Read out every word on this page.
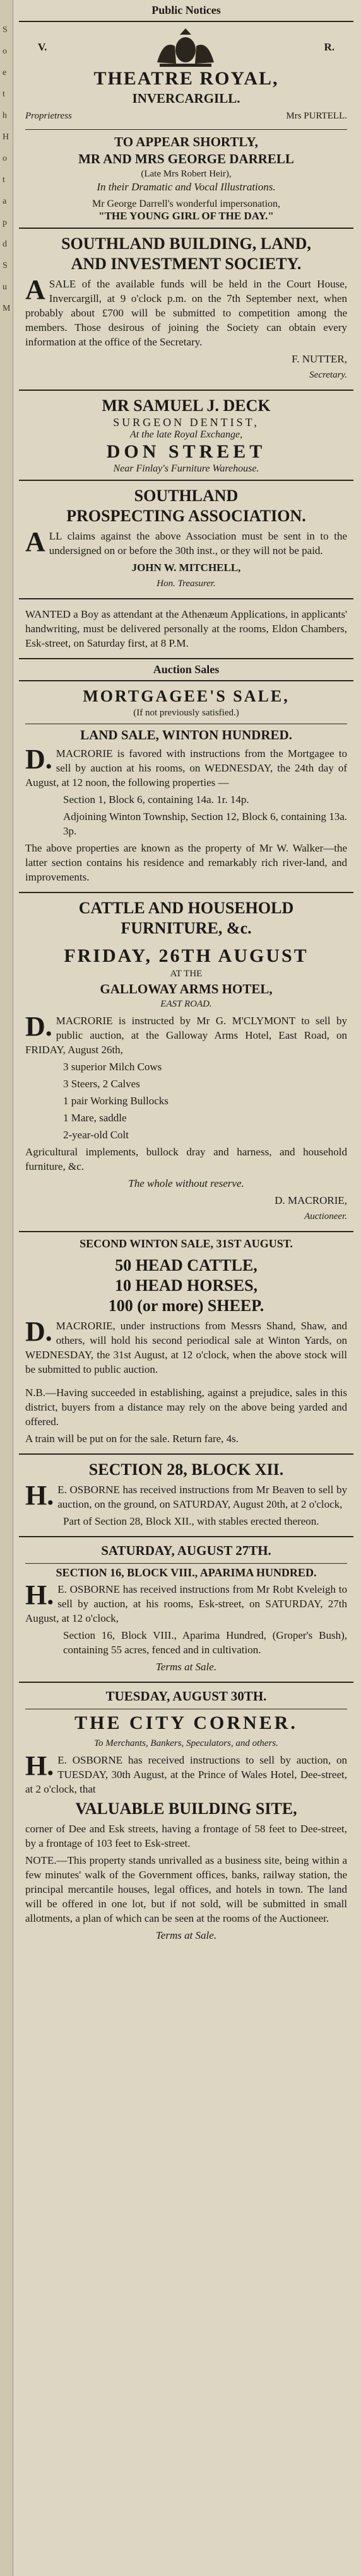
S
o
e
t
h
H
o
t
a
p
d
S
u
M
Public Notices
V.	R.
THEATRE ROYAL,
INVERCARGILL.

Proprietress	Mrs PURTELL.

TO APPEAR SHORTLY,
MR AND MRS GEORGE DARRELL
(Late Mrs Robert Heir),
In their Dramatic and Vocal Illustrations.
Mr George Darrell's wonderful impersonation,
"THE YOUNG GIRL OF THE DAY."
SOUTHLAND BUILDING, LAND,
AND INVESTMENT SOCIETY.

ASALE of the available funds will be held in the Court House, Invercargill, at 9 o'clock p.m. on the 7th September next, when probably about £700 will be submitted to competition among the members. Those desirous of joining the Society can obtain every information at the office of the Secretary.

F. NUTTER,

Secretary.

MR SAMUEL J. DECK
SURGEON DENTIST,
At the late Royal Exchange,
DON STREET
Near Finlay's Furniture Warehouse.
SOUTHLAND
PROSPECTING ASSOCIATION.

ALL claims against the above Association must be sent in to the undersigned on or before the 30th inst., or they will not be paid.

JOHN W. MITCHELL,

Hon. Treasurer.

WANTED a Boy as attendant at the Athenæum Applications, in applicants' handwriting, must be delivered personally at the rooms, Eldon Chambers, Esk-street, on Saturday first, at 8 P.M.

Auction Sales
MORTGAGEE'S SALE,
(If not previously satisfied.)
LAND SALE, WINTON HUNDRED.

D. MACRORIE is favored with instructions from the Mortgagee to sell by auction at his rooms, on WEDNESDAY, the 24th day of August, at 12 noon, the following properties —

Section 1, Block 6, containing 14a. 1r. 14p.

Adjoining Winton Township, Section 12, Block 6, containing 13a. 3p.

The above properties are known as the property of Mr W. Walker—the latter section contains his residence and remarkably rich river-land, and improvements.

CATTLE AND HOUSEHOLD
FURNITURE, &c.
FRIDAY, 26TH AUGUST
AT THE
GALLOWAY ARMS HOTEL,
EAST ROAD.

D. MACRORIE is instructed by Mr G. M'CLYMONT to sell by public auction, at the Galloway Arms Hotel, East Road, on FRIDAY, August 26th,

3 superior Milch Cows

3 Steers, 2 Calves

1 pair Working Bullocks

1 Mare, saddle

2-year-old Colt

Agricultural implements, bullock dray and harness, and household furniture, &c.

The whole without reserve.

D. MACRORIE,

Auctioneer.

SECOND WINTON SALE, 31ST AUGUST.
50 HEAD CATTLE,
10 HEAD HORSES,
100 (or more) SHEEP.

D. MACRORIE, under instructions from Messrs Shand, Shaw, and others, will hold his second periodical sale at Winton Yards, on WEDNESDAY, the 31st August, at 12 o'clock, when the above stock will be submitted to public auction.

N.B.—Having succeeded in establishing, against a prejudice, sales in this district, buyers from a distance may rely on the above being yarded and offered.

A train will be put on for the sale. Return fare, 4s.

SECTION 28, BLOCK XII.

H. E. OSBORNE has received instructions from Mr Beaven to sell by auction, on the ground, on SATURDAY, August 20th, at 2 o'clock,

Part of Section 28, Block XII., with stables erected thereon.

SATURDAY, AUGUST 27TH.
SECTION 16, BLOCK VIII., APARIMA HUNDRED.

H. E. OSBORNE has received instructions from Mr Robt Kveleigh to sell by auction, at his rooms, Esk-street, on SATURDAY, 27th August, at 12 o'clock,

Section 16, Block VIII., Aparima Hundred, (Groper's Bush), containing 55 acres, fenced and in cultivation.

Terms at Sale.

TUESDAY, AUGUST 30TH.
THE CITY CORNER.

To Merchants, Bankers, Speculators, and others.

H. E. OSBORNE has received instructions to sell by auction, on TUESDAY, 30th August, at the Prince of Wales Hotel, Dee-street, at 2 o'clock, that

VALUABLE BUILDING SITE,

corner of Dee and Esk streets, having a frontage of 58 feet to Dee-street, by a frontage of 103 feet to Esk-street.

NOTE.—This property stands unrivalled as a business site, being within a few minutes' walk of the Government offices, banks, railway station, the principal mercantile houses, legal offices, and hotels in town. The land will be offered in one lot, but if not sold, will be submitted in small allotments, a plan of which can be seen at the rooms of the Auctioneer.

Terms at Sale.
